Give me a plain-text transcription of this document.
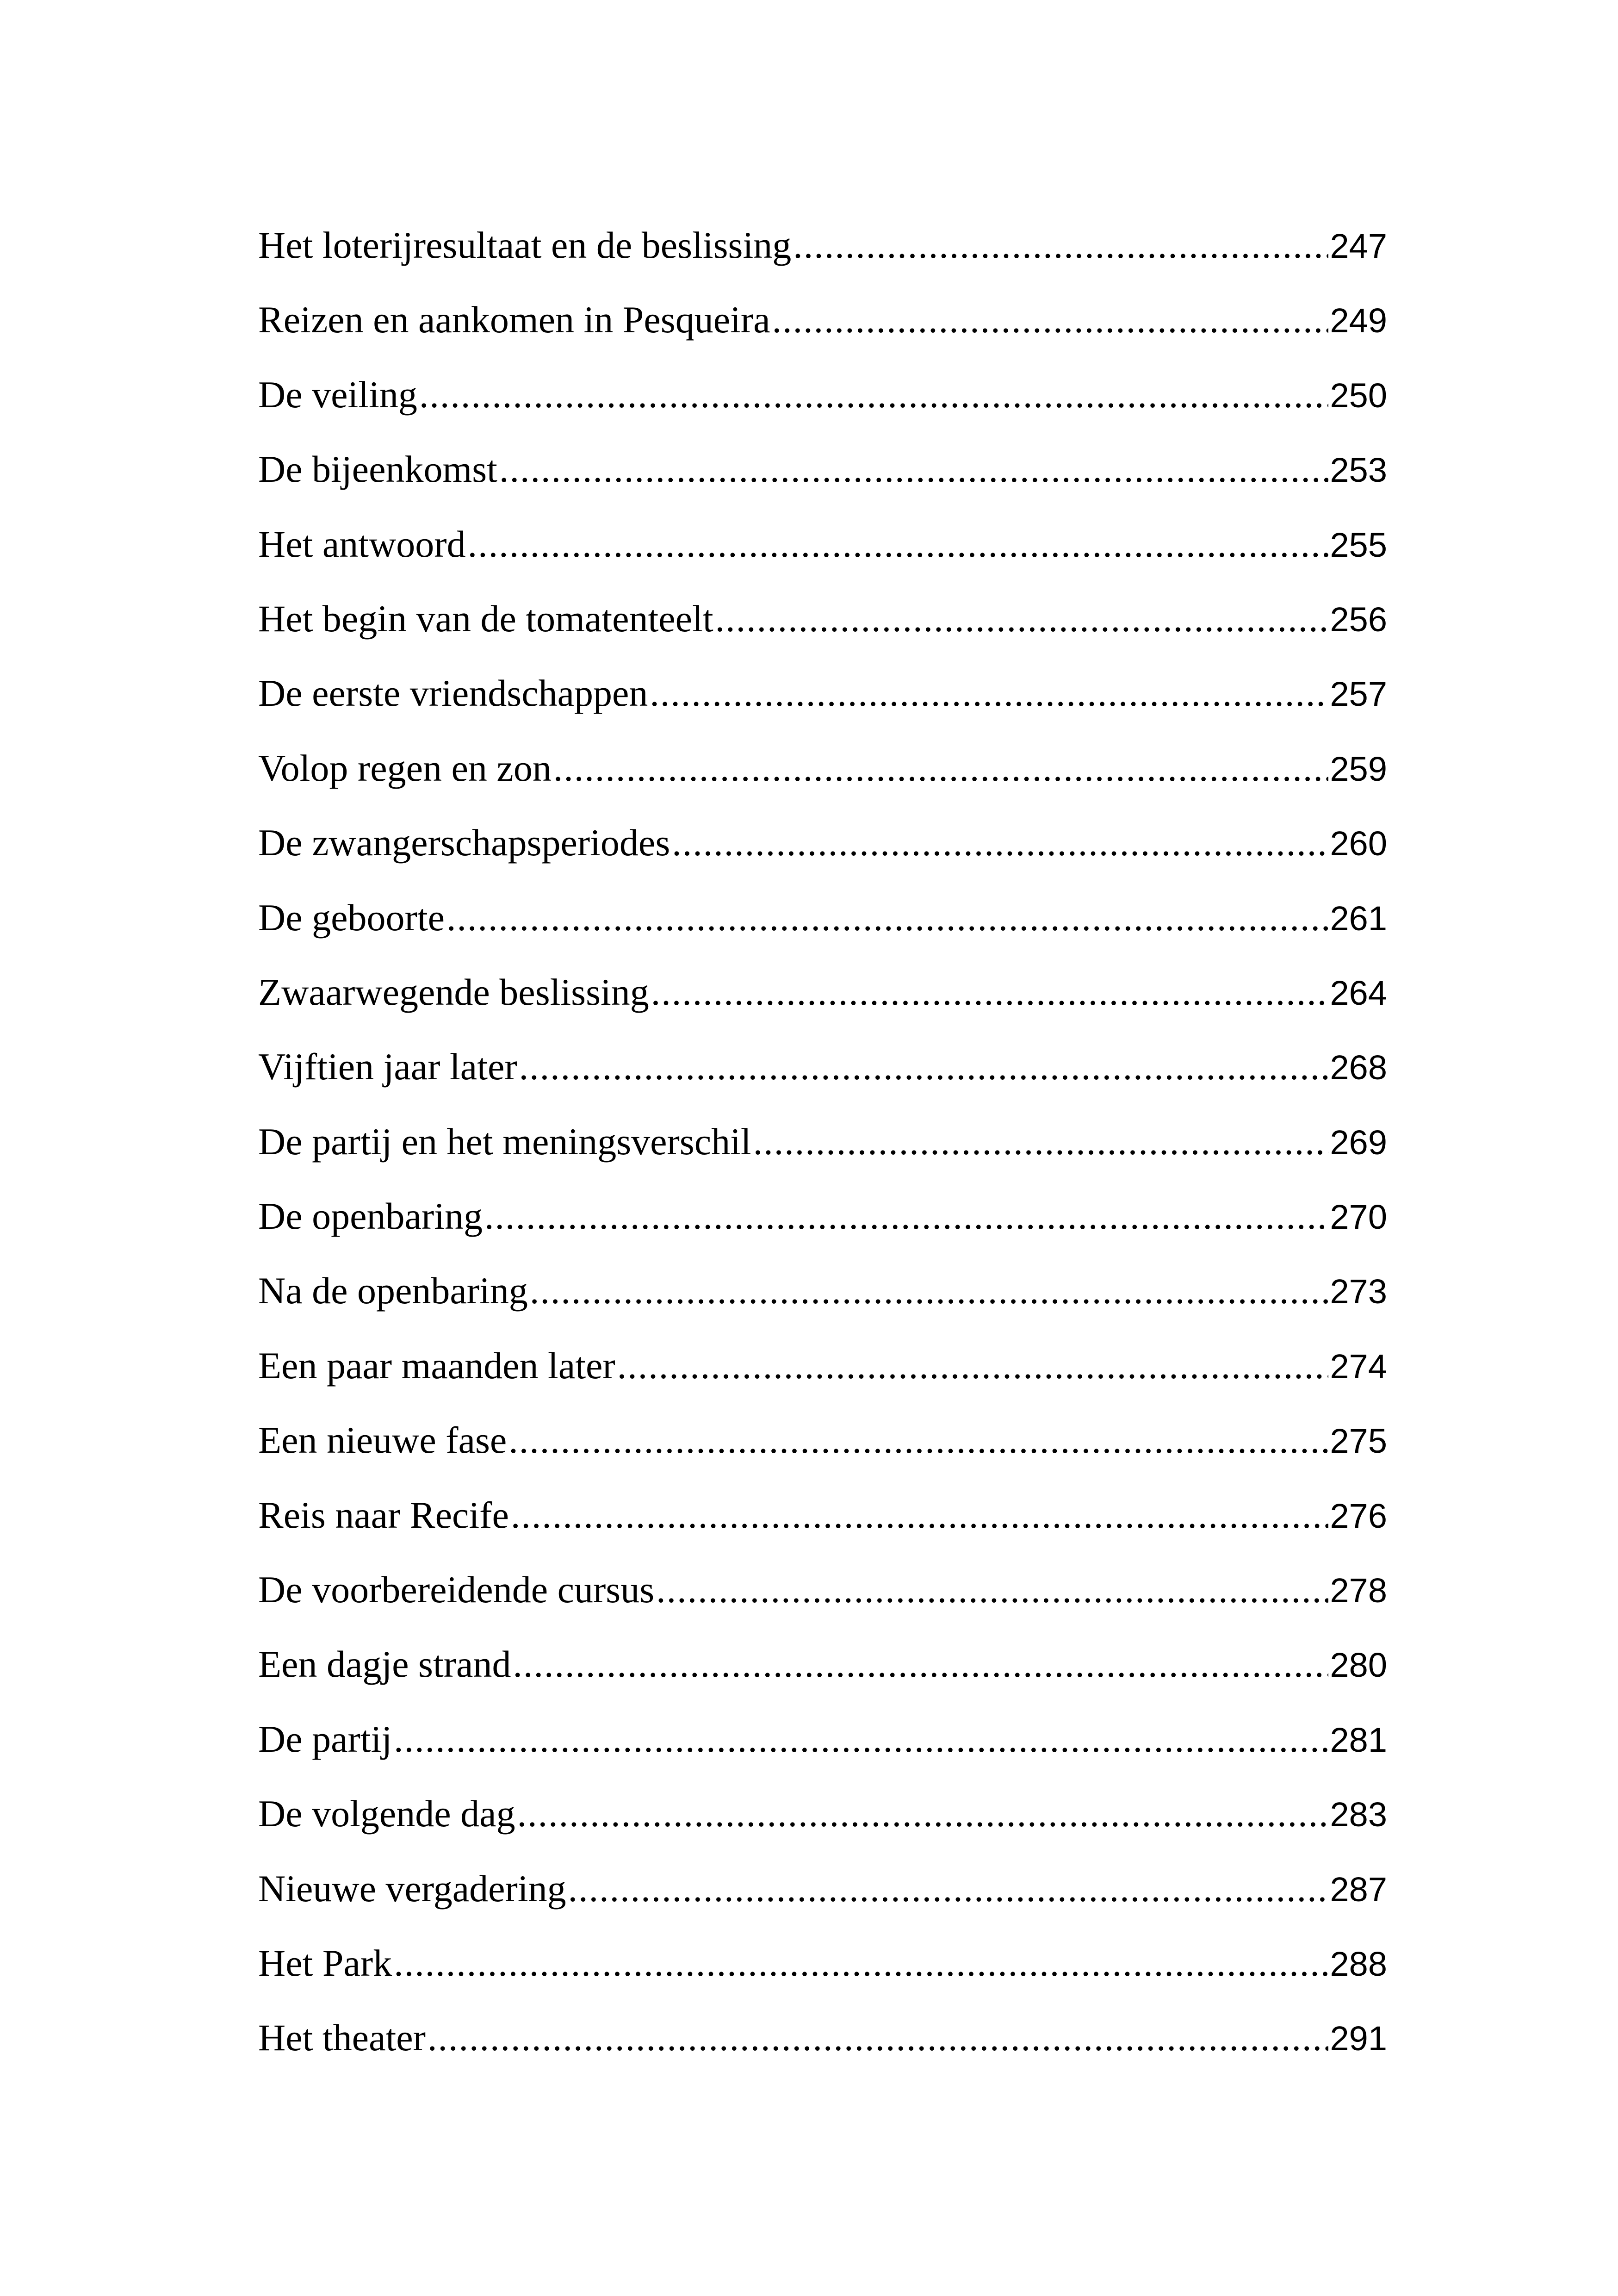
Het loterijresultaat en de beslissing .....	247
Reizen en aankomen in Pesqueira .....	249
De veiling .....	250
De bijeenkomst .....	253
Het antwoord .....	255
Het begin van de tomatenteelt .....	256
De eerste vriendschappen .....	257
Volop regen en zon .....	259
De zwangerschapsperiodes .....	260
De geboorte .....	261
Zwaarwegende beslissing .....	264
Vijftien jaar later .....	268
De partij en het meningsverschil .....	269
De openbaring .....	270
Na de openbaring .....	273
Een paar maanden later .....	274
Een nieuwe fase .....	275
Reis naar Recife .....	276
De voorbereidende cursus .....	278
Een dagje strand .....	280
De partij .....	281
De volgende dag .....	283
Nieuwe vergadering .....	287
Het Park .....	288
Het theater .....	291
